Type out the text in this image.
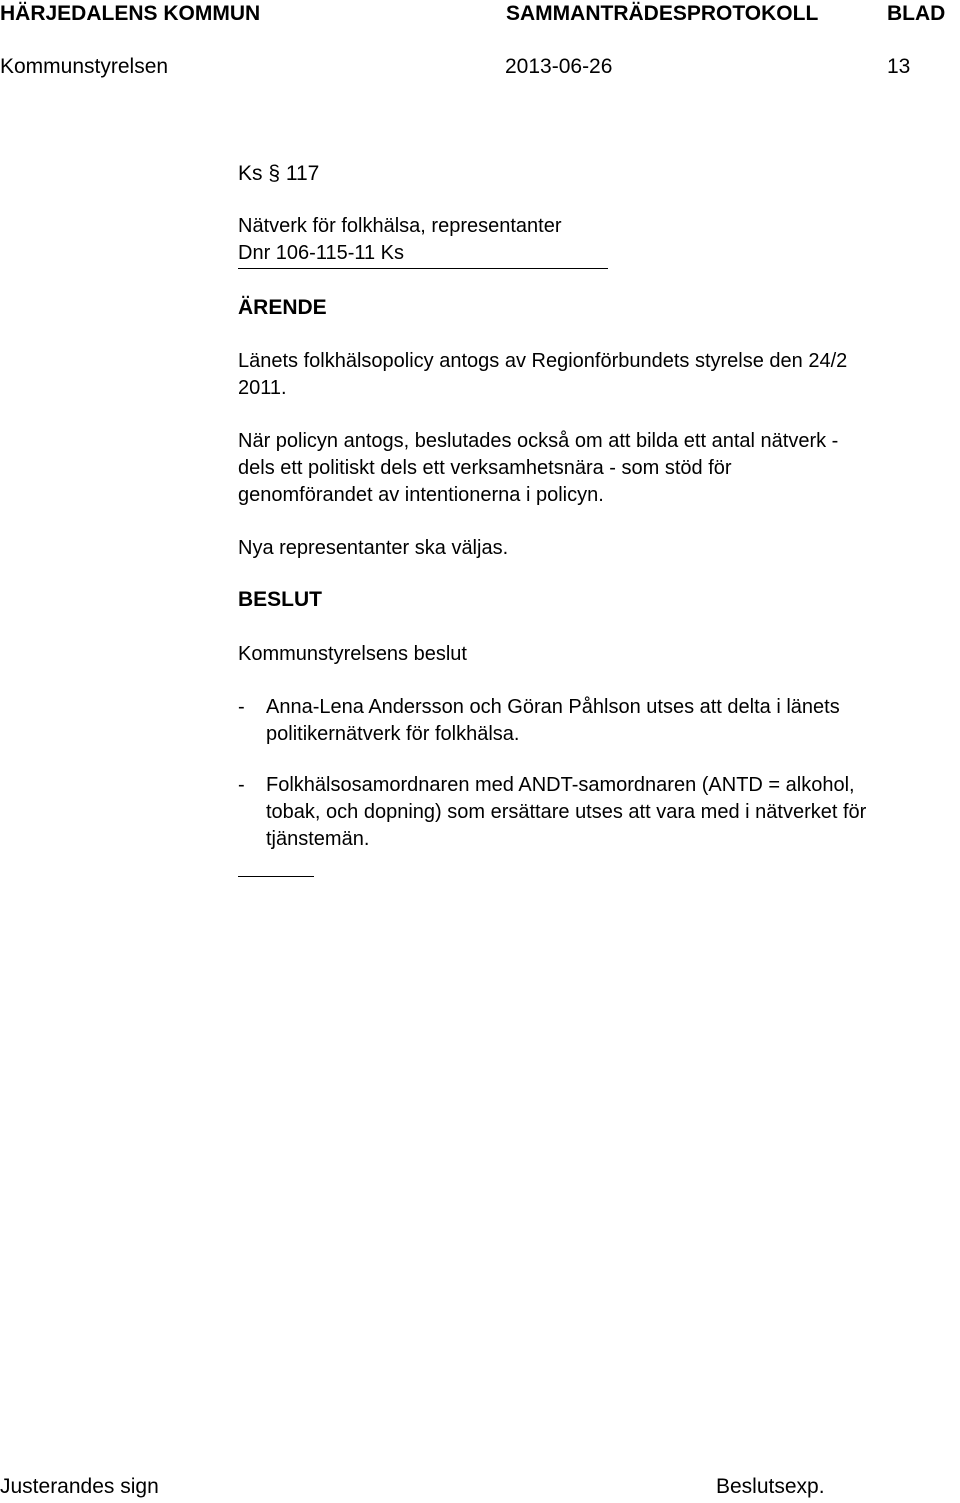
HÄRJEDALENS KOMMUN	SAMMANTRÄDESPROTOKOLL	BLAD
Kommunstyrelsen	2013-06-26	13
Ks § 117
Nätverk för folkhälsa, representanter
Dnr 106-115-11 Ks
ÄRENDE
Länets folkhälsopolicy antogs av Regionförbundets styrelse den 24/2
2011.
När policyn antogs, beslutades också om att bilda ett antal nätverk -
dels ett politiskt dels ett verksamhetsnära - som stöd för
genomförandet av intentionerna i policyn.
Nya representanter ska väljas.
BESLUT
Kommunstyrelsens beslut
- Anna-Lena Andersson och Göran Påhlson utses att delta i länets
politikernätverk för folkhälsa.
- Folkhälsosamordnaren med ANDT-samordnaren (ANTD = alkohol,
tobak, och dopning) som ersättare utses att vara med i nätverket för
tjänstemän.
Justerandes sign	Beslutsexp.
